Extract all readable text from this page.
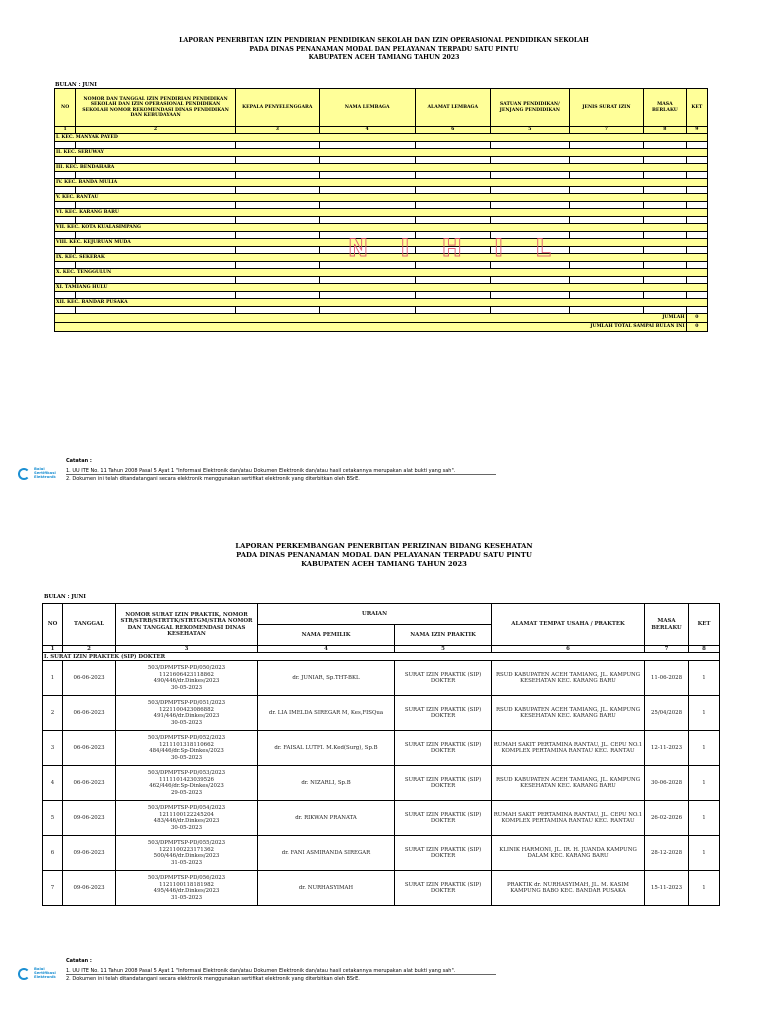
LAPORAN PENERBITAN IZIN PENDIRIAN PENDIDIKAN SEKOLAH DAN IZIN OPERASIONAL PENDIDIKAN SEKOLAH
PADA DINAS PENANAMAN MODAL DAN PELAYANAN TERPADU SATU PINTU
KABUPATEN ACEH TAMIANG TAHUN 2023
BULAN : JUNI
NO	NOMOR DAN TANGGAL IZIN PENDIRIAN PENDIDIKAN SEKOLAH DAN IZIN OPERASIONAL PENDIDIKAN SEKOLAH NOMOR REKOMENDASI DINAS PENDIDIKAN DAN KEBUDAYAAN	KEPALA PENYELENGGARA	NAMA LEMBAGA	ALAMAT LEMBAGA	SATUAN PENDIDIKAN/ JENJANG PENDIDIKAN	JENIS SURAT IZIN	MASA BERLAKU	KET
1	2	3	4	6	5	7	8	9
I. KEC. MANYAK PAYED								

II. KEC. SERUWAY								

III. KEC. BENDAHARA								

IV. KEC. BANDA MULIA								

V. KEC. RANTAU								

VI. KEC. KARANG BARU								

VII. KEC. KOTA KUALASIMPANG								

VIII. KEC. KEJURUAN MUDA								

IX. KEC. SEKERAK								

X. KEC. TENGGULUN								

XI. TAMIANG HULU								

XII. KEC. BANDAR PUSAKA								

JUMLAH								0
JUMLAH TOTAL SAMPAI BULAN INI								0
N I H I L
Balai Sertifikasi Elektronik
Catatan :
1. UU ITE No. 11 Tahun 2008 Pasal 5 Ayat 1 "Informasi Elektronik dan/atau Dokumen Elektronik dan/atau hasil cetakannya merupakan alat bukti yang sah".
2. Dokumen ini telah ditandatangani secara elektronik menggunakan sertifikat elektronik yang diterbitkan oleh BSrE.
LAPORAN PERKEMBANGAN PENERBITAN PERIZINAN BIDANG KESEHATAN
PADA DINAS PENANAMAN MODAL DAN PELAYANAN TERPADU SATU PINTU
KABUPATEN ACEH TAMIANG TAHUN 2023
BULAN : JUNI
NO	TANGGAL	NOMOR SURAT IZIN PRAKTIK, NOMOR STR/STRB/STRTTK/STRTGM/STRA NOMOR DAN TANGGAL REKOMENDASI DINAS KESEHATAN	URAIAN		ALAMAT TEMPAT USAHA / PRAKTEK	MASA BERLAKU	KET
			NAMA PEMILIK	NAMA IZIN PRAKTIK			
1	2	3	4	5	6	7	8
I. SURAT IZIN PRAKTEK (SIP) DOKTER							
1	06-06-2023	503/DPMPTSP-PD/050/2023
1121606423118862
490/446/dr.Dinkes/2023
30-05-2023	dr. JUNIAR, Sp.THT-BKL	SURAT IZIN PRAKTIK (SIP) DOKTER	RSUD KABUPATEN ACEH TAMIANG, JL. KAMPUNG KESEHATAN KEC. KARANG BARU	11-06-2028	1
2	06-06-2023	503/DPMPTSP-PD/051/2023
1221100423086882
491/446/dr.Dinkes/2023
30-05-2023	dr. LIA IMELDA SIREGAR M, Kes,FISQua	SURAT IZIN PRAKTIK (SIP) DOKTER	RSUD KABUPATEN ACEH TAMIANG, JL. KAMPUNG KESEHATAN KEC. KARANG BARU	25/04/2028	1
3	06-06-2023	503/DPMPTSP-PD/052/2023
1211101318110662
484/446/dr.Sp-Dinkes/2023
30-05-2023	dr. FAISAL LUTFI. M.Ked(Surg), Sp.B	SURAT IZIN PRAKTIK (SIP) DOKTER	RUMAH SAKIT PERTAMINA RANTAU, JL. CEPU NO.1 KOMPLEX PERTAMINA RANTAU KEC. RANTAU	12-11-2023	1
4	06-06-2023	503/DPMPTSP-PD/053/2023
1111101423039526
462/446/dr.Sp-Dinkes/2023
29-05-2023	dr. NIZARLI, Sp.B	SURAT IZIN PRAKTIK (SIP) DOKTER	RSUD KABUPATEN ACEH TAMIANG, JL. KAMPUNG KESEHATAN KEC. KARANG BARU	30-06-2028	1
5	09-06-2023	503/DPMPTSP-PD/054/2023
1211100122245204
483/446/dr.Dinkes/2023
30-05-2023	dr. RIKWAN PRANATA	SURAT IZIN PRAKTIK (SIP) DOKTER	RUMAH SAKIT PERTAMINA RANTAU, JL. CEPU NO.1 KOMPLEX PERTAMINA RANTAU KEC. RANTAU	26-02-2026	1
6	09-06-2023	503/DPMPTSP-PD/055/2023
1221100223171362
500/446/dr.Dinkes/2023
31-05-2023	dr. FANI ASMIRANDA SIREGAR	SURAT IZIN PRAKTIK (SIP) DOKTER	KLINIK HARMONI, JL. IR. H. JUANDA KAMPUNG DALAM KEC. KARANG BARU	28-12-2028	1
7	09-06-2023	503/DPMPTSP-PD/056/2023
1121100118181982
495/446/dr.Dinkes/2023
31-05-2023	dr. NURHASYIMAH	SURAT IZIN PRAKTIK (SIP) DOKTER	PRAKTIK dr. NURHASYIMAH, JL. M. KASIM KAMPUNG BABO KEC. BANDAR PUSAKA	15-11-2023	1
Balai Sertifikasi Elektronik
Catatan :
1. UU ITE No. 11 Tahun 2008 Pasal 5 Ayat 1 "Informasi Elektronik dan/atau Dokumen Elektronik dan/atau hasil cetakannya merupakan alat bukti yang sah".
2. Dokumen ini telah ditandatangani secara elektronik menggunakan sertifikat elektronik yang diterbitkan oleh BSrE.
